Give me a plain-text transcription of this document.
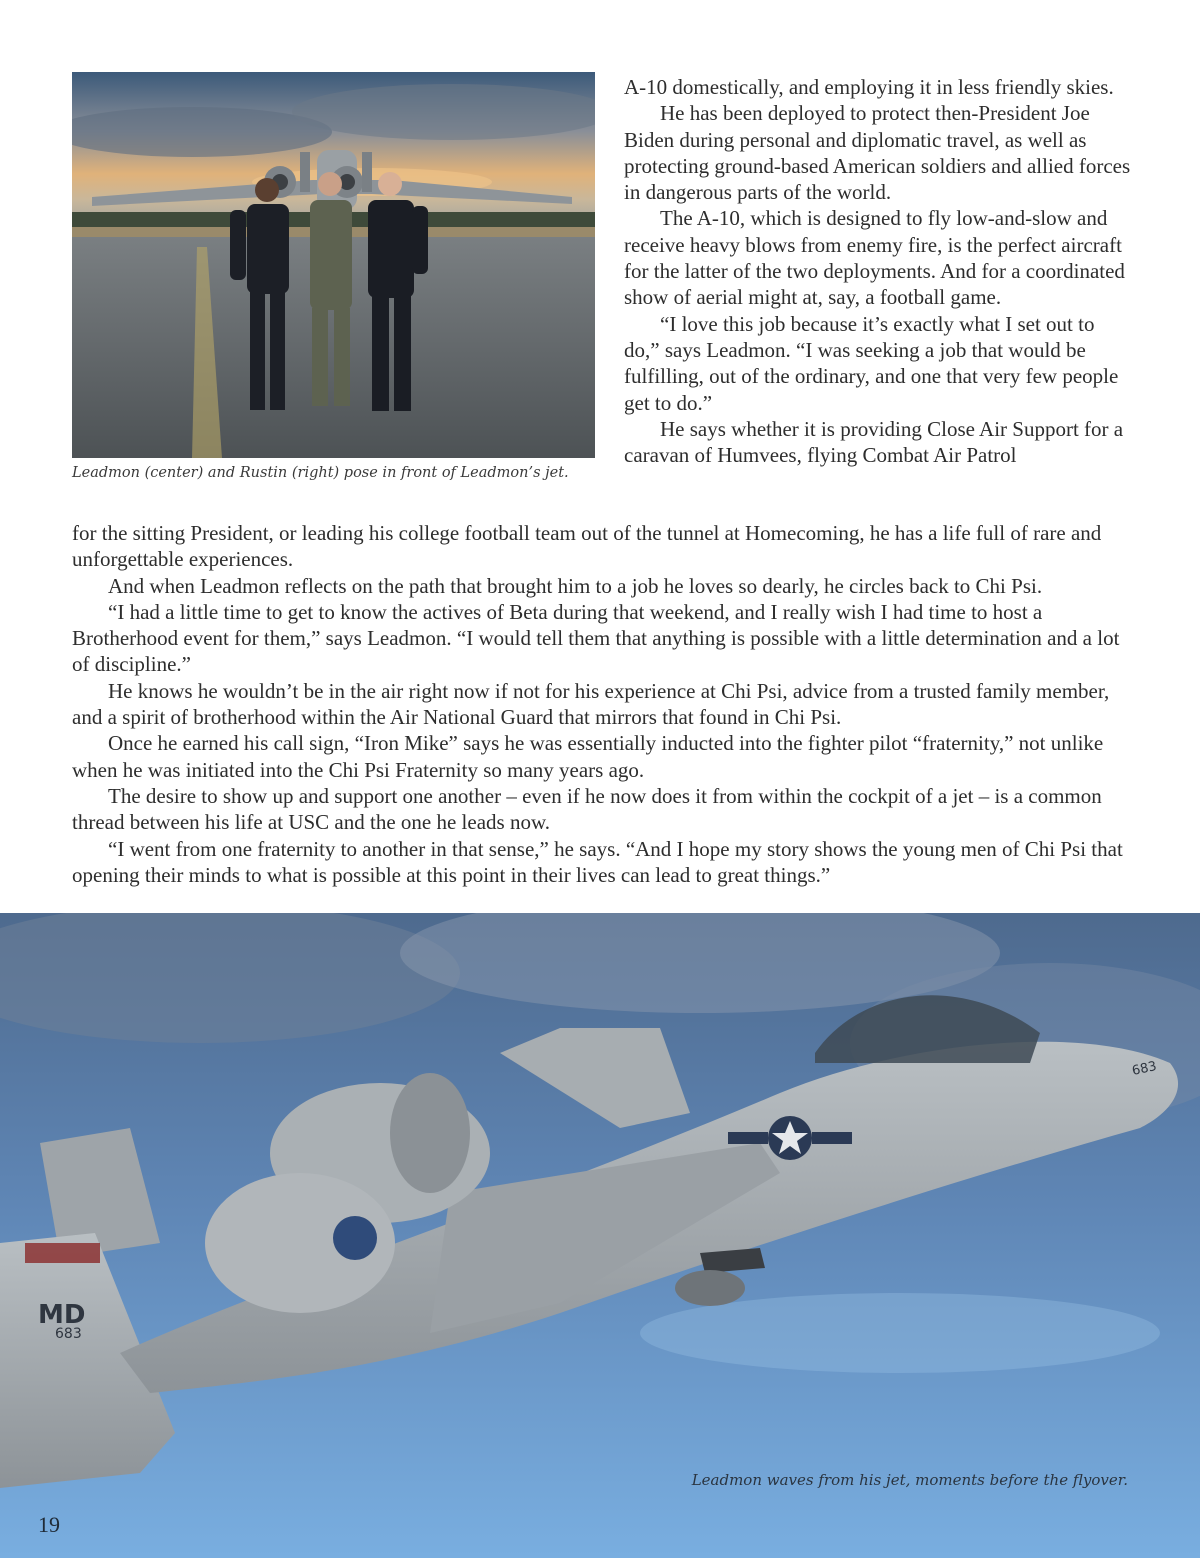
Leadmon (center) and Rustin (right) pose in front of Leadmon’s jet.

A-10 domestically, and employing it in less friendly skies.

He has been deployed to protect then-President Joe Biden during personal and diplomatic travel, as well as protecting ground-based American soldiers and allied forces in dangerous parts of the world.

The A-10, which is designed to fly low-and-slow and receive heavy blows from enemy fire, is the perfect aircraft for the latter of the two deployments. And for a coordinated show of aerial might at, say, a football game.

“I love this job because it’s exactly what I set out to do,” says Leadmon. “I was seeking a job that would be fulfilling, out of the ordinary, and one that very few people get to do.”

He says whether it is providing Close Air Support for a caravan of Humvees, flying Combat Air Patrol

for the sitting President, or leading his college football team out of the tunnel at Homecoming, he has a life full of rare and unforgettable experiences.

And when Leadmon reflects on the path that brought him to a job he loves so dearly, he circles back to Chi Psi.

“I had a little time to get to know the actives of Beta during that weekend, and I really wish I had time to host a Brotherhood event for them,” says Leadmon. “I would tell them that anything is possible with a little determination and a lot of discipline.”

He knows he wouldn’t be in the air right now if not for his experience at Chi Psi, advice from a trusted family member, and a spirit of brotherhood within the Air National Guard that mirrors that found in Chi Psi.

Once he earned his call sign, “Iron Mike” says he was essentially inducted into the fighter pilot “fraternity,” not unlike when he was initiated into the Chi Psi Fraternity so many years ago.

The desire to show up and support one another – even if he now does it from within the cockpit of a jet – is a common thread between his life at USC and the one he leads now.

“I went from one fraternity to another in that sense,” he says. “And I hope my story shows the young men of Chi Psi that opening their minds to what is possible at this point in their lives can lead to great things.”

MD
683
683
Leadmon waves from his jet, moments before the flyover.
19
